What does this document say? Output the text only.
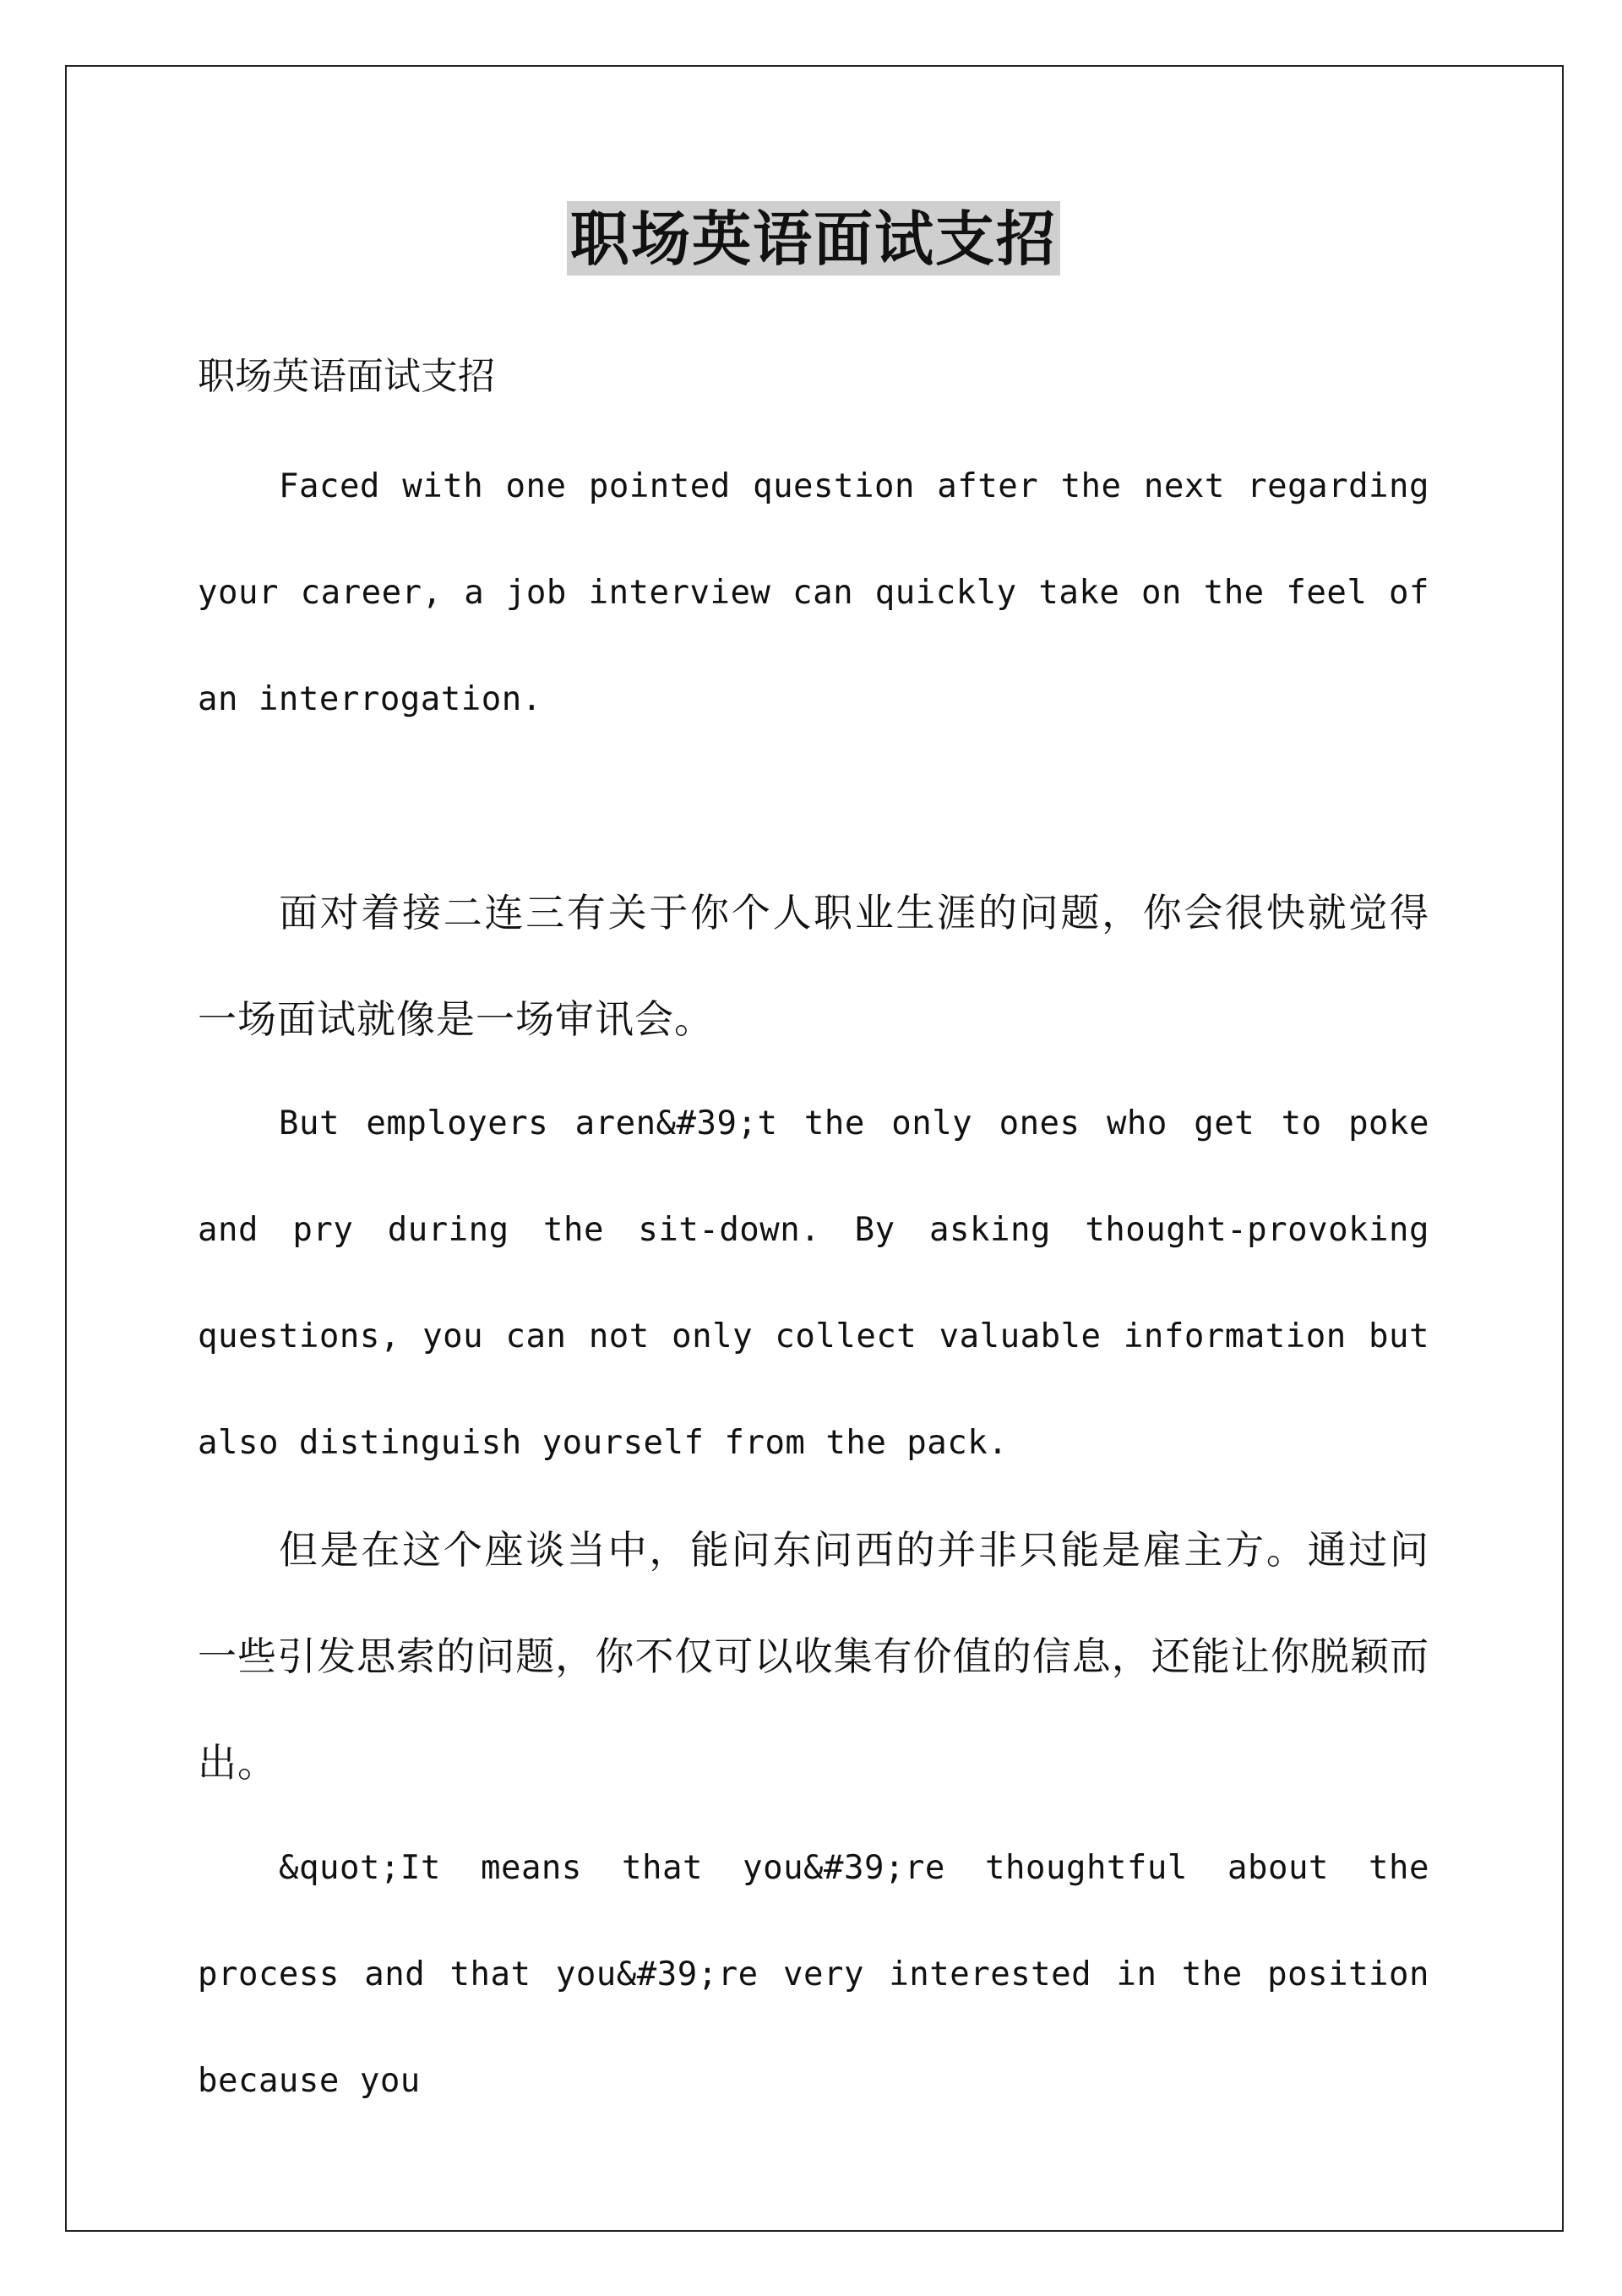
职场英语面试支招
职场英语面试支招

Faced with one pointed question after the next regarding your career, a job interview can quickly take on the feel of an interrogation.

面对着接二连三有关于你个人职业生涯的问题，你会很快就觉得一场面试就像是一场审讯会。

But employers aren&#39;t the only ones who get to poke and pry during the sit-down. By asking thought-provoking questions, you can not only collect valuable information but also distinguish yourself from the pack.

但是在这个座谈当中，能问东问西的并非只能是雇主方。通过问一些引发思索的问题，你不仅可以收集有价值的信息，还能让你脱颖而出。

&quot;It means that you&#39;re thoughtful about the process and that you&#39;re very interested in the position because you
